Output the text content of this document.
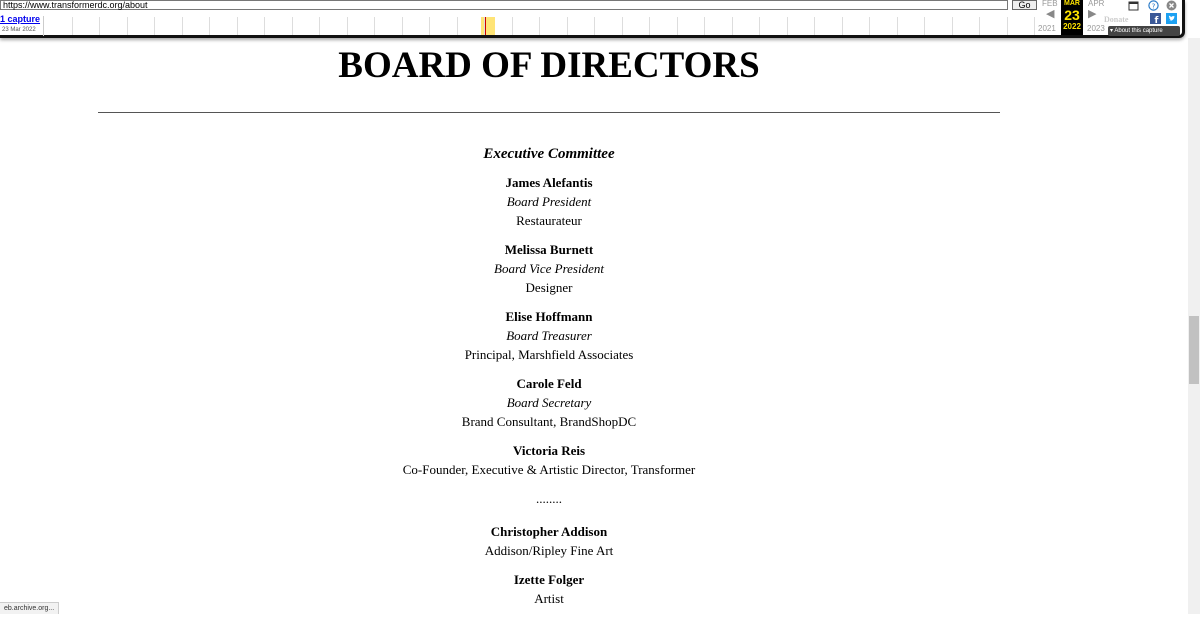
https://www.transformerdc.org/about	Go
1 capture
23 Mar 2022
FEB
◀
MAR
23
2022
APR
▶
2021	2023
Donate
?
f
▾ About this capture
BOARD OF DIRECTORS
Executive Committee
James Alefantis
Board President
Restaurateur
Melissa Burnett
Board Vice President
Designer
Elise Hoffmann
Board Treasurer
Principal, Marshfield Associates
Carole Feld
Board Secretary
Brand Consultant, BrandShopDC
Victoria Reis
Co-Founder, Executive & Artistic Director, Transformer
........
Christopher Addison
Addison/Ripley Fine Art
Izette Folger
Artist
eb.archive.org...
